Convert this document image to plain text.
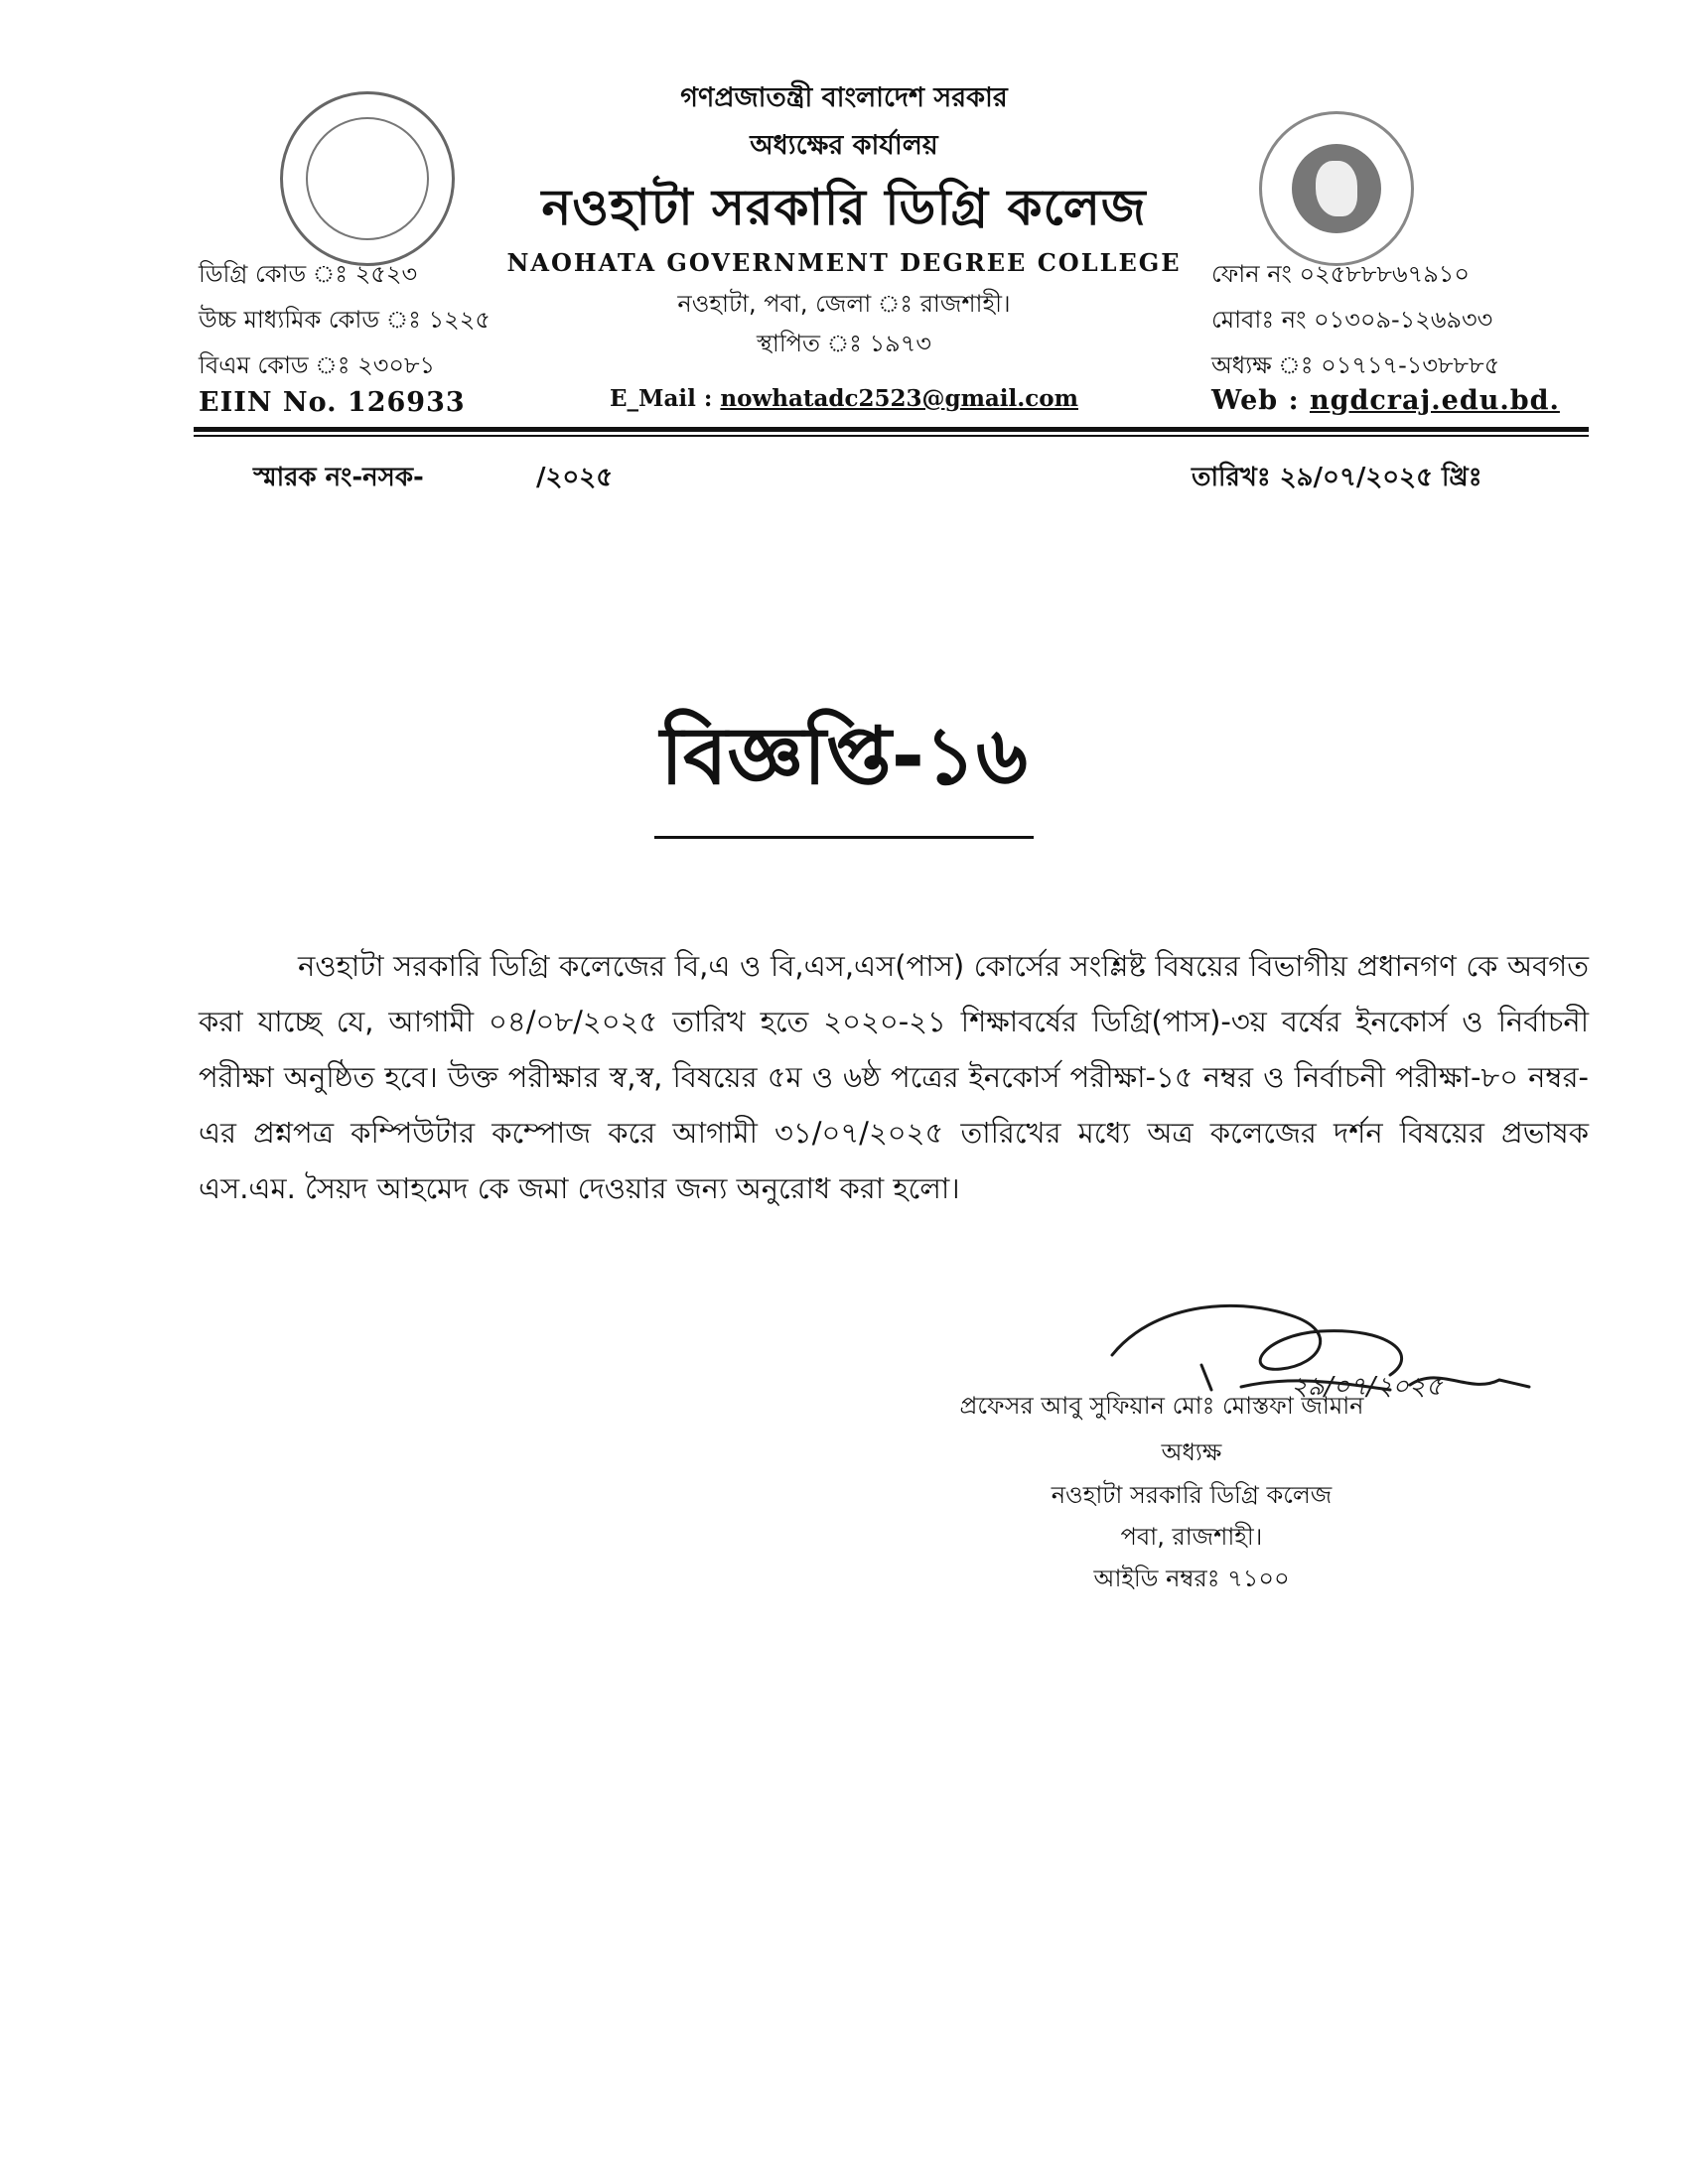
গণপ্রজাতন্ত্রী বাংলাদেশ সরকার
অধ্যক্ষের কার্যালয়
নওহাটা সরকারি ডিগ্রি কলেজ
NAOHATA GOVERNMENT DEGREE COLLEGE
নওহাটা, পবা, জেলা ঃ রাজশাহী।
স্থাপিত ঃ ১৯৭৩
E_Mail : nowhatadc2523@gmail.com
ডিগ্রি কোড ঃ ২৫২৩
উচ্চ মাধ্যমিক কোড ঃ ১২২৫
বিএম কোড ঃ ২৩০৮১
EIIN No. 126933
ফোন নং ০২৫৮৮৮৬৭৯১০
মোবাঃ নং ০১৩০৯-১২৬৯৩৩
অধ্যক্ষ ঃ ০১৭১৭-১৩৮৮৮৫
Web : ngdcraj.edu.bd.
স্মারক নং-নসক-	/২০২৫	তারিখঃ ২৯/০৭/২০২৫ খ্রিঃ
বিজ্ঞপ্তি-১৬
নওহাটা সরকারি ডিগ্রি কলেজের বি,এ ও বি,এস,এস(পাস) কোর্সের সংশ্লিষ্ট বিষয়ের বিভাগীয় প্রধানগণ কে অবগত করা যাচ্ছে যে, আগামী ০৪/০৮/২০২৫ তারিখ হতে ২০২০-২১ শিক্ষাবর্ষের ডিগ্রি(পাস)-৩য় বর্ষের ইনকোর্স ও নির্বাচনী পরীক্ষা অনুষ্ঠিত হবে। উক্ত পরীক্ষার স্ব,স্ব, বিষয়ের ৫ম ও ৬ষ্ঠ পত্রের ইনকোর্স পরীক্ষা-১৫ নম্বর ও নির্বাচনী পরীক্ষা-৮০ নম্বর-এর প্রশ্নপত্র কম্পিউটার কম্পোজ করে আগামী ৩১/০৭/২০২৫ তারিখের মধ্যে অত্র কলেজের দর্শন বিষয়ের প্রভাষক এস.এম. সৈয়দ আহমেদ কে জমা দেওয়ার জন্য অনুরোধ করা হলো।
২৯/০৭/২০২৫
প্রফেসর আবু সুফিয়ান মোঃ মোস্তফা জামান
অধ্যক্ষ
নওহাটা সরকারি ডিগ্রি কলেজ
পবা, রাজশাহী।
আইডি নম্বরঃ ৭১০০
